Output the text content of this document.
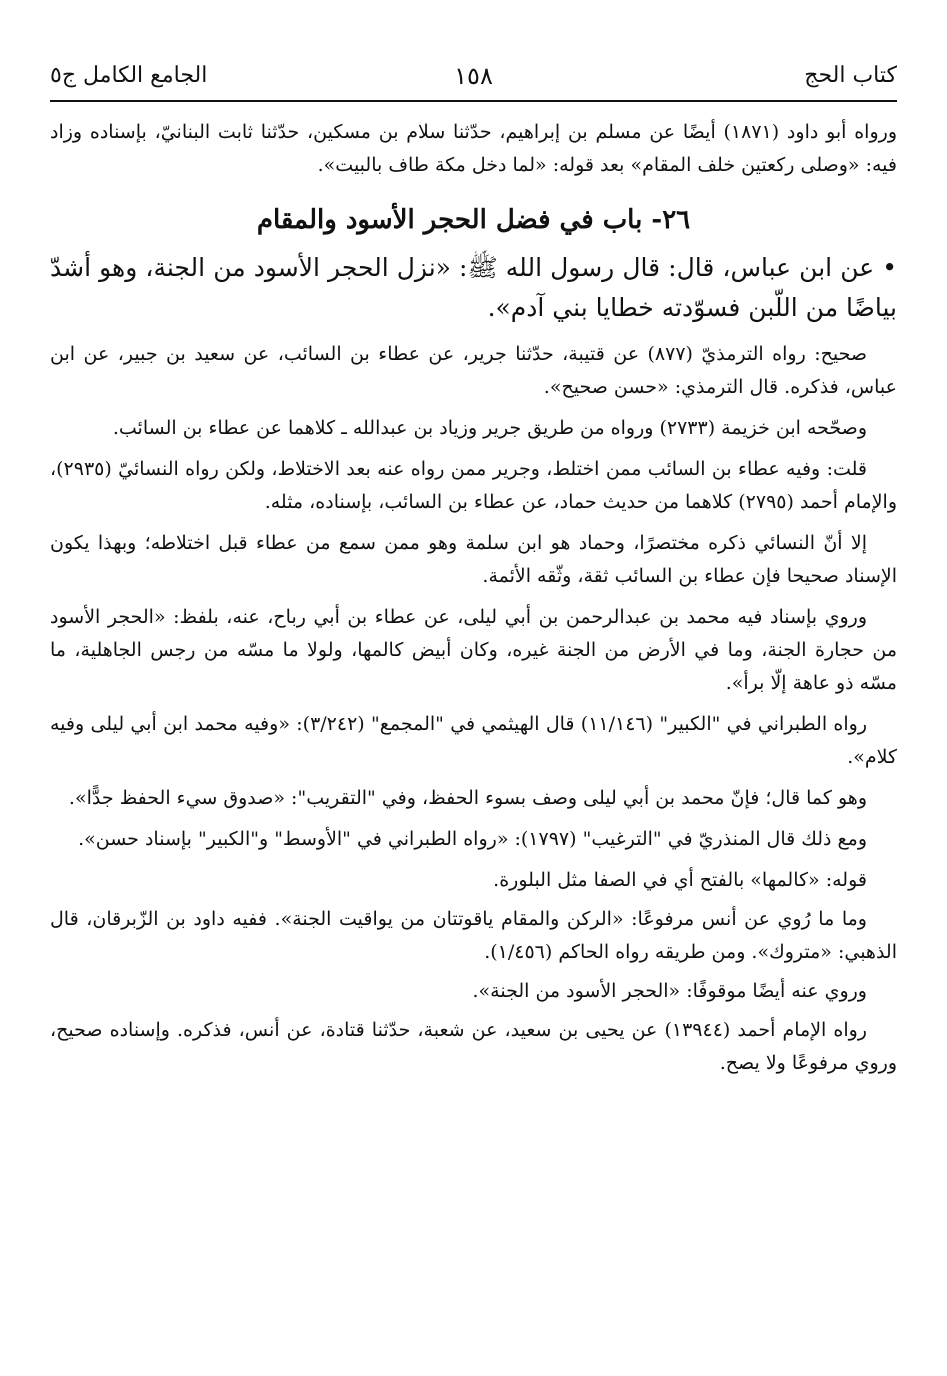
كتاب الحج
١٥٨
الجامع الكامل ج٥

ورواه أبو داود (١٨٧١) أيضًا عن مسلم بن إبراهيم، حدّثنا سلام بن مسكين، حدّثنا ثابت البنانيّ، بإسناده وزاد فيه: «وصلى ركعتين خلف المقام» بعد قوله: «لما دخل مكة طاف بالبيت».

٢٦- باب في فضل الحجر الأسود والمقام

• عن ابن عباس، قال: قال رسول الله ﷺ: «نزل الحجر الأسود من الجنة، وهو أشدّ بياضًا من اللّبن فسوّدته خطايا بني آدم».

صحيح: رواه الترمذيّ (٨٧٧) عن قتيبة، حدّثنا جرير، عن عطاء بن السائب، عن سعيد بن جبير، عن ابن عباس، فذكره. قال الترمذي: «حسن صحيح».

وصحّحه ابن خزيمة (٢٧٣٣) ورواه من طريق جرير وزياد بن عبدالله ـ كلاهما عن عطاء بن السائب.

قلت: وفيه عطاء بن السائب ممن اختلط، وجرير ممن رواه عنه بعد الاختلاط، ولكن رواه النسائيّ (٢٩٣٥)، والإمام أحمد (٢٧٩٥) كلاهما من حديث حماد، عن عطاء بن السائب، بإسناده، مثله.

إلا أنّ النسائي ذكره مختصرًا، وحماد هو ابن سلمة وهو ممن سمع من عطاء قبل اختلاطه؛ وبهذا يكون الإسناد صحيحا فإن عطاء بن السائب ثقة، وثّقه الأئمة.

وروي بإسناد فيه محمد بن عبدالرحمن بن أبي ليلى، عن عطاء بن أبي رباح، عنه، بلفظ: «الحجر الأسود من حجارة الجنة، وما في الأرض من الجنة غيره، وكان أبيض كالمها، ولولا ما مسّه من رجس الجاهلية، ما مسّه ذو عاهة إلّا برأ».

رواه الطبراني في "الكبير" (١١/١٤٦) قال الهيثمي في "المجمع" (٣/٢٤٢): «وفيه محمد ابن أبي ليلى وفيه كلام».

وهو كما قال؛ فإنّ محمد بن أبي ليلى وصف بسوء الحفظ، وفي "التقريب": «صدوق سيء الحفظ جدًّا».

ومع ذلك قال المنذريّ في "الترغيب" (١٧٩٧): «رواه الطبراني في "الأوسط" و"الكبير" بإسناد حسن».

قوله: «كالمها» بالفتح أي في الصفا مثل البلورة.

وما ما رُوي عن أنس مرفوعًا: «الركن والمقام ياقوتتان من يواقيت الجنة». ففيه داود بن الزّبرقان، قال الذهبي: «متروك». ومن طريقه رواه الحاكم (١/٤٥٦).

وروي عنه أيضًا موقوفًا: «الحجر الأسود من الجنة».

رواه الإمام أحمد (١٣٩٤٤) عن يحيى بن سعيد، عن شعبة، حدّثنا قتادة، عن أنس، فذكره. وإسناده صحيح، وروي مرفوعًا ولا يصح.
